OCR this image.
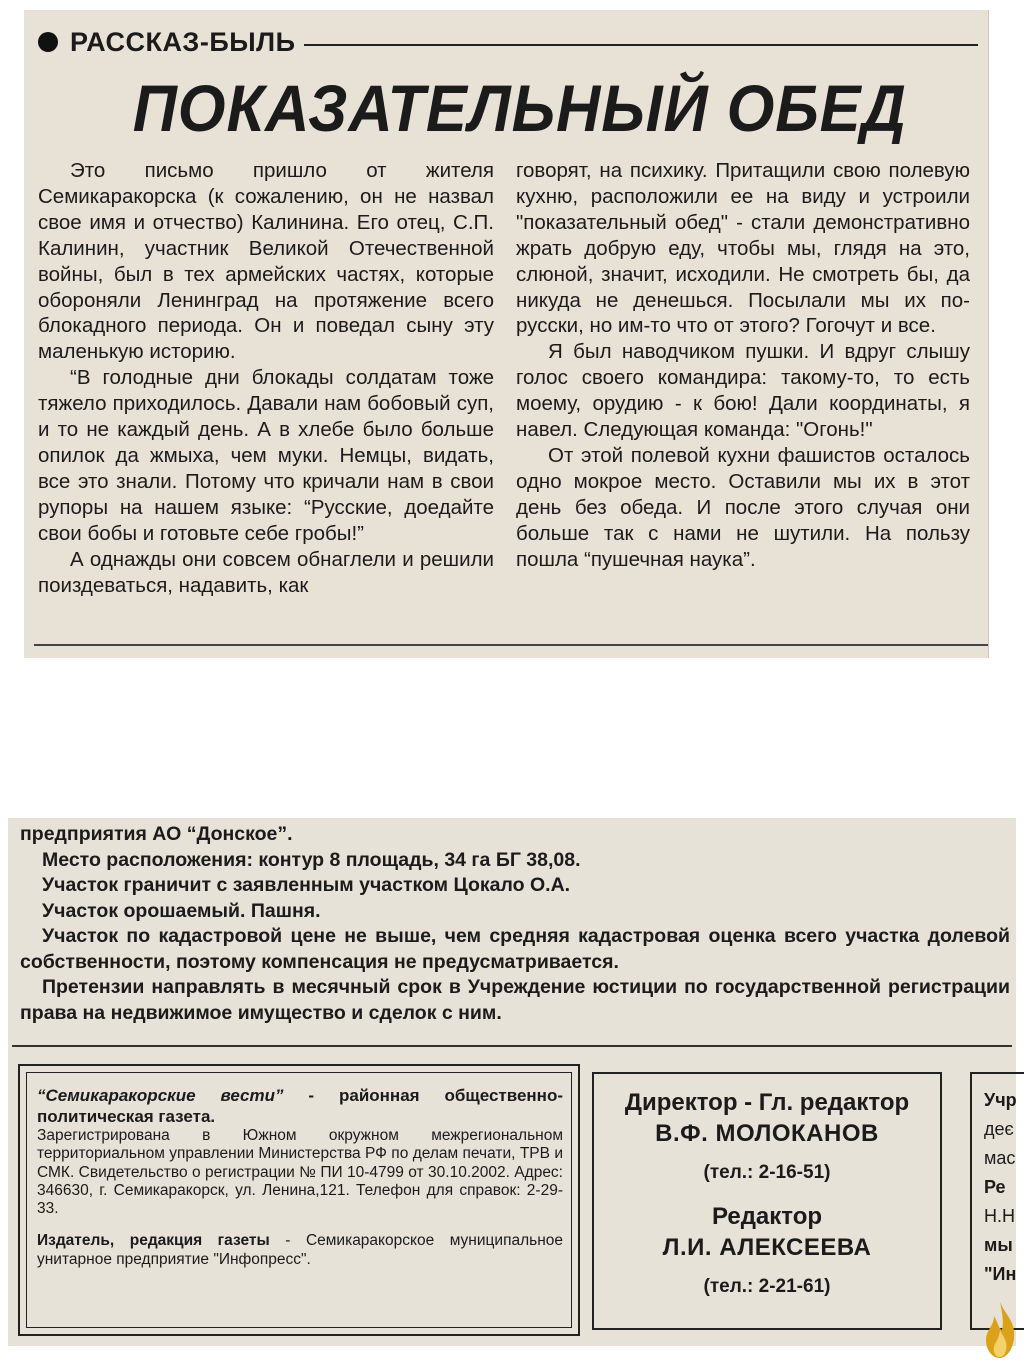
РАССКАЗ-БЫЛЬ
ПОКАЗАТЕЛЬНЫЙ ОБЕД

Это письмо пришло от жителя Семикаракорска (к сожалению, он не назвал свое имя и отчество) Калинина. Его отец, С.П. Калинин, участник Великой Отечественной войны, был в тех армейских частях, которые обороняли Ленинград на протяжение всего блокадного периода. Он и поведал сыну эту маленькую историю.

“В голодные дни блокады солдатам тоже тяжело приходилось. Давали нам бобовый суп, и то не каждый день. А в хлебе было больше опилок да жмыха, чем муки. Немцы, видать, все это знали. Потому что кричали нам в свои рупоры на нашем языке: “Русские, доедайте свои бобы и готовьте себе гробы!”

А однажды они совсем обнаглели и решили поиздеваться, надавить, как

говорят, на психику. Притащили свою полевую кухню, расположили ее на виду и устроили "показательный обед" - стали демонстративно жрать добрую еду, чтобы мы, глядя на это, слюной, значит, исходили. Не смотреть бы, да никуда не денешься. Посылали мы их по-русски, но им-то что от этого? Гогочут и все.

Я был наводчиком пушки. И вдруг слышу голос своего командира: такому-то, то есть моему, орудию - к бою! Дали координаты, я навел. Следующая команда: "Огонь!"

От этой полевой кухни фашистов осталось одно мокрое место. Оставили мы их в этот день без обеда. И после этого случая они больше так с нами не шутили. На пользу пошла “пушечная наука”.

предприятия АО “Донское”.

Место расположения: контур 8 площадь, 34 га БГ 38,08.

Участок граничит с заявленным участком Цокало О.А.

Участок орошаемый. Пашня.

Участок по кадастровой цене не выше, чем средняя кадастровая оценка всего участка долевой собственности, поэтому компенсация не предусматривается.

Претензии направлять в месячный срок в Учреждение юстиции по государственной регистрации права на недвижимое имущество и сделок с ним.

“Семикаракорские вести” - районная общественно-политическая газета.

Зарегистрирована в Южном окружном межрегиональном территориальном управлении Министерства РФ по делам печати, ТРВ и СМК. Свидетельство о регистрации № ПИ 10-4799 от 30.10.2002. Адрес: 346630, г. Семикаракорск, ул. Ленина,121. Телефон для справок: 2-29-33.

Издатель, редакция газеты - Семикаракорское муниципальное унитарное предприятие "Инфопресс".

Директор - Гл. редактор
В.Ф. МОЛОКАНОВ
(тел.: 2-16-51)
Редактор
Л.И. АЛЕКСЕЕВА
(тел.: 2-21-61)
Учр
деє
мас
Ре
Н.Н
мы
"Ин
